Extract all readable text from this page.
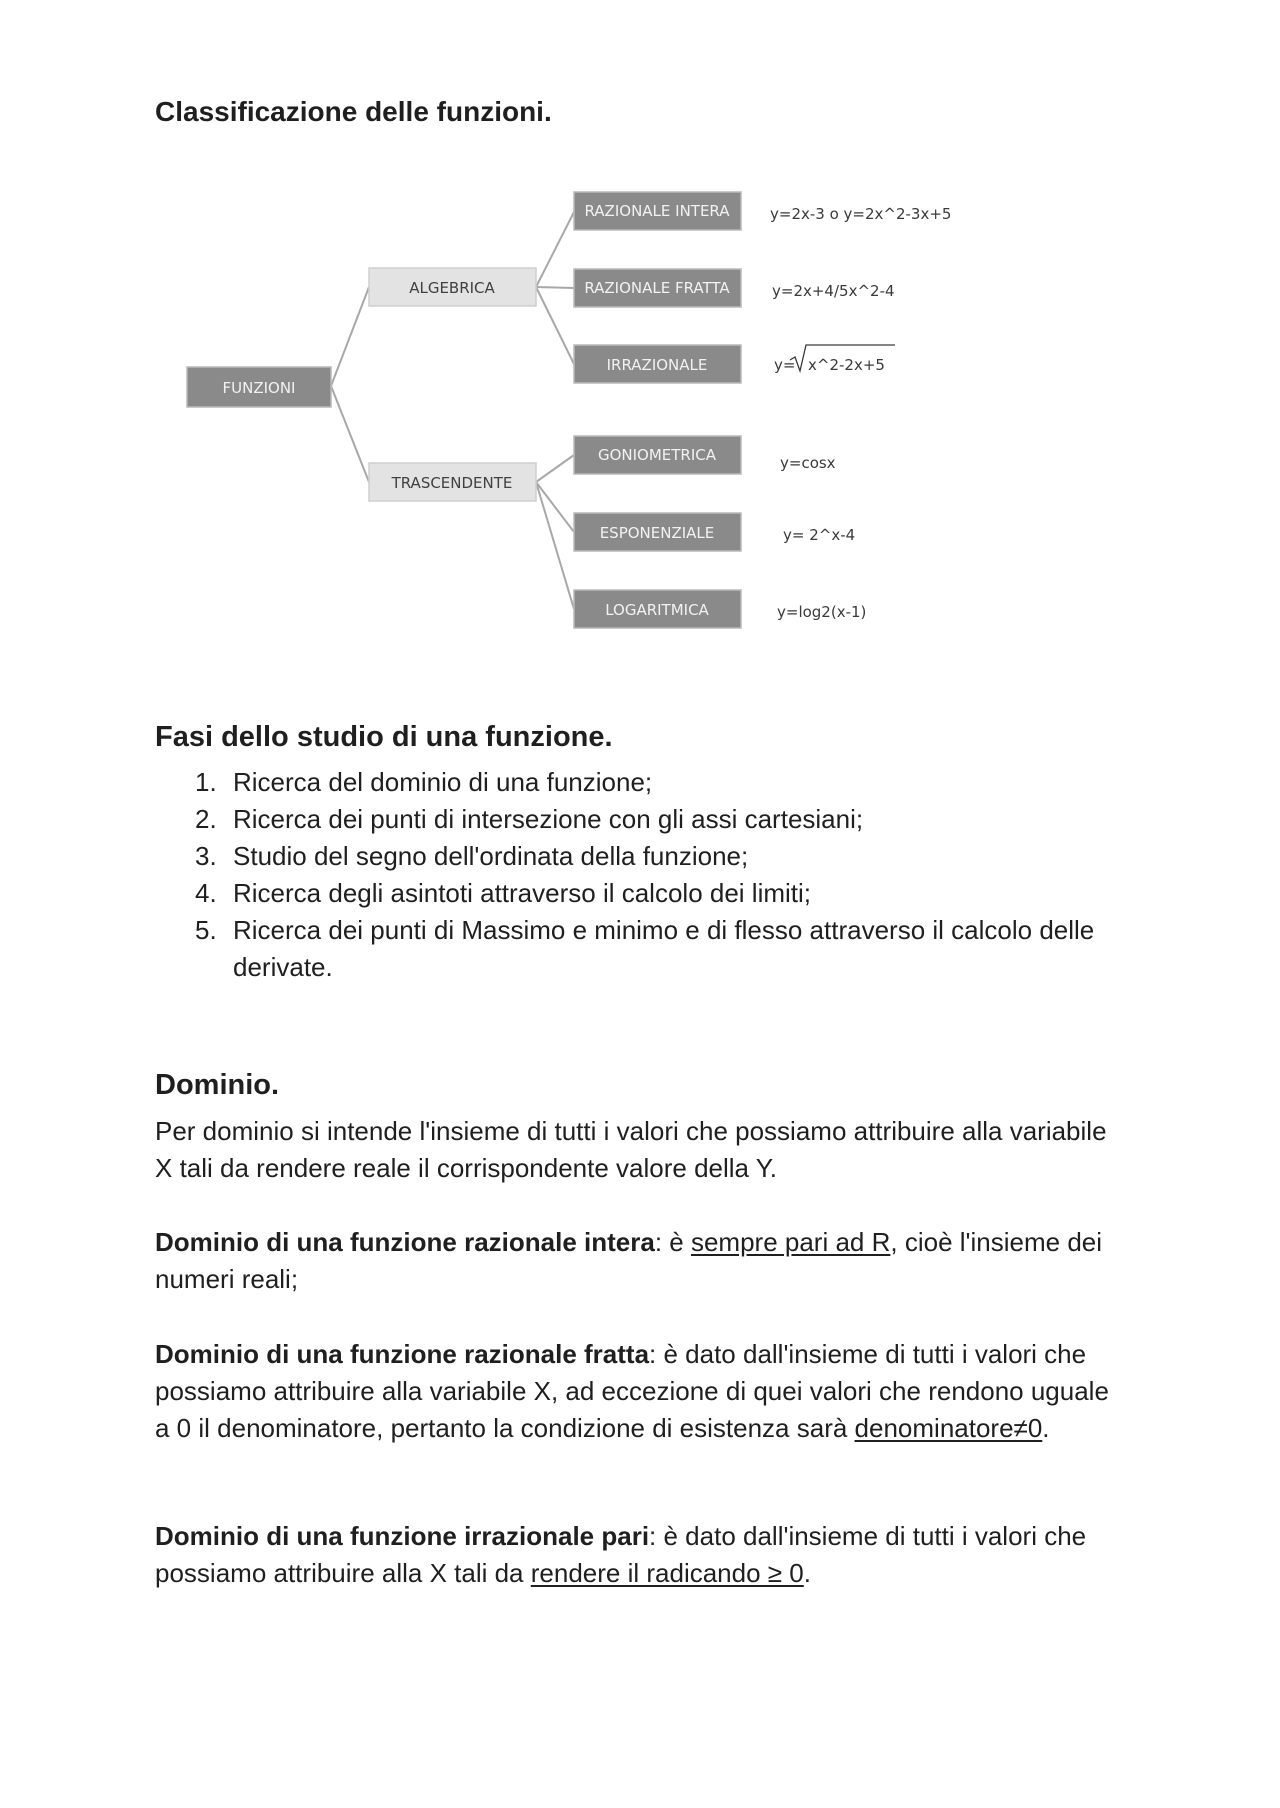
Classificazione delle funzioni.
FUNZIONI
ALGEBRICA
TRASCENDENTE
RAZIONALE INTERA
RAZIONALE FRATTA
IRRAZIONALE
GONIOMETRICA
ESPONENZIALE
LOGARITMICA
y=2x-3 o y=2x^2-3x+5
y=2x+4/5x^2-4
y= x^2-2x+5
y=cosx
y= 2^x-4
y=log2(x-1)
Fasi dello studio di una funzione.
1. Ricerca del dominio di una funzione;
2. Ricerca dei punti di intersezione con gli assi cartesiani;
3. Studio del segno dell'ordinata della funzione;
4. Ricerca degli asintoti attraverso il calcolo dei limiti;
5. Ricerca dei punti di Massimo e minimo e di flesso attraverso il calcolo delle derivate.
Dominio.

Per dominio si intende l'insieme di tutti i valori che possiamo attribuire alla variabile X tali da rendere reale il corrispondente valore della Y.

Dominio di una funzione razionale intera: è sempre pari ad R, cioè l'insieme dei numeri reali;

Dominio di una funzione razionale fratta: è dato dall'insieme di tutti i valori che possiamo attribuire alla variabile X, ad eccezione di quei valori che rendono uguale a 0 il denominatore, pertanto la condizione di esistenza sarà denominatore≠0.

Dominio di una funzione irrazionale pari: è dato dall'insieme di tutti i valori che possiamo attribuire alla X tali da rendere il radicando ≥ 0.
